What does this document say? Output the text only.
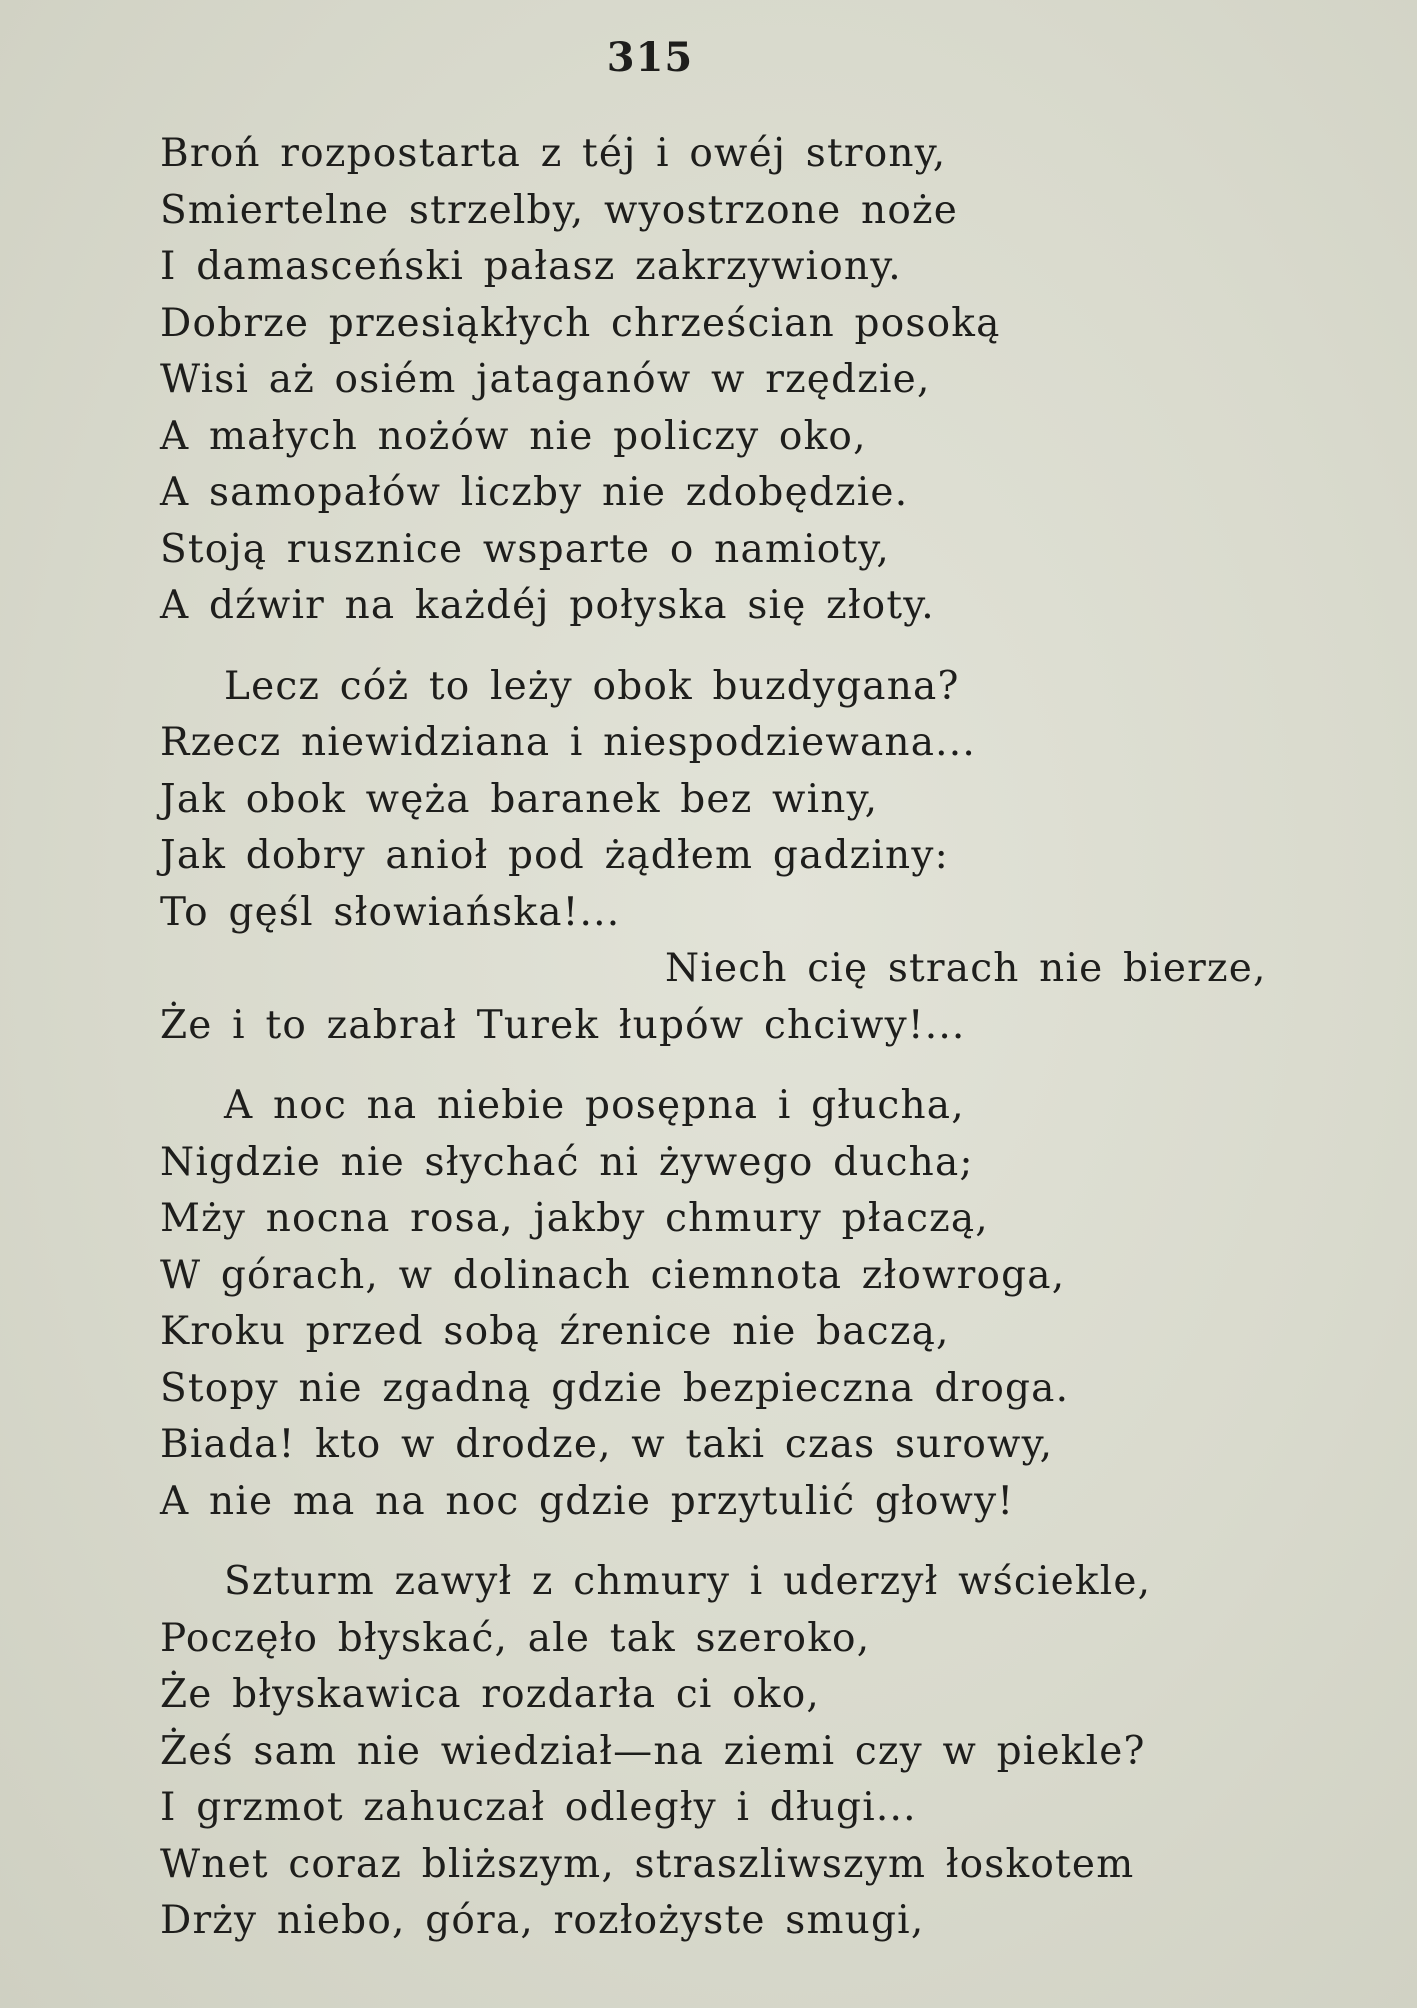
315
Broń rozpostarta z téj i owéj strony,
Smiertelne strzelby, wyostrzone noże
I damasceński pałasz zakrzywiony.
Dobrze przesiąkłych chrześcian posoką
Wisi aż osiém jataganów w rzędzie,
A małych nożów nie policzy oko,
A samopałów liczby nie zdobędzie.
Stoją rusznice wsparte o namioty,
A dźwir na każdéj połyska się złoty.
Lecz cóż to leży obok buzdygana?
Rzecz niewidziana i niespodziewana...
Jak obok węża baranek bez winy,
Jak dobry anioł pod żądłem gadziny:
To gęśl słowiańska!...
Niech cię strach nie bierze,
Że i to zabrał Turek łupów chciwy!...
A noc na niebie posępna i głucha,
Nigdzie nie słychać ni żywego ducha;
Mży nocna rosa, jakby chmury płaczą,
W górach, w dolinach ciemnota złowroga,
Kroku przed sobą źrenice nie baczą,
Stopy nie zgadną gdzie bezpieczna droga.
Biada! kto w drodze, w taki czas surowy,
A nie ma na noc gdzie przytulić głowy!
Szturm zawył z chmury i uderzył wściekle,
Poczęło błyskać, ale tak szeroko,
Że błyskawica rozdarła ci oko,
Żeś sam nie wiedział—na ziemi czy w piekle?
I grzmot zahuczał odległy i długi...
Wnet coraz bliższym, straszliwszym łoskotem
Drży niebo, góra, rozłożyste smugi,
